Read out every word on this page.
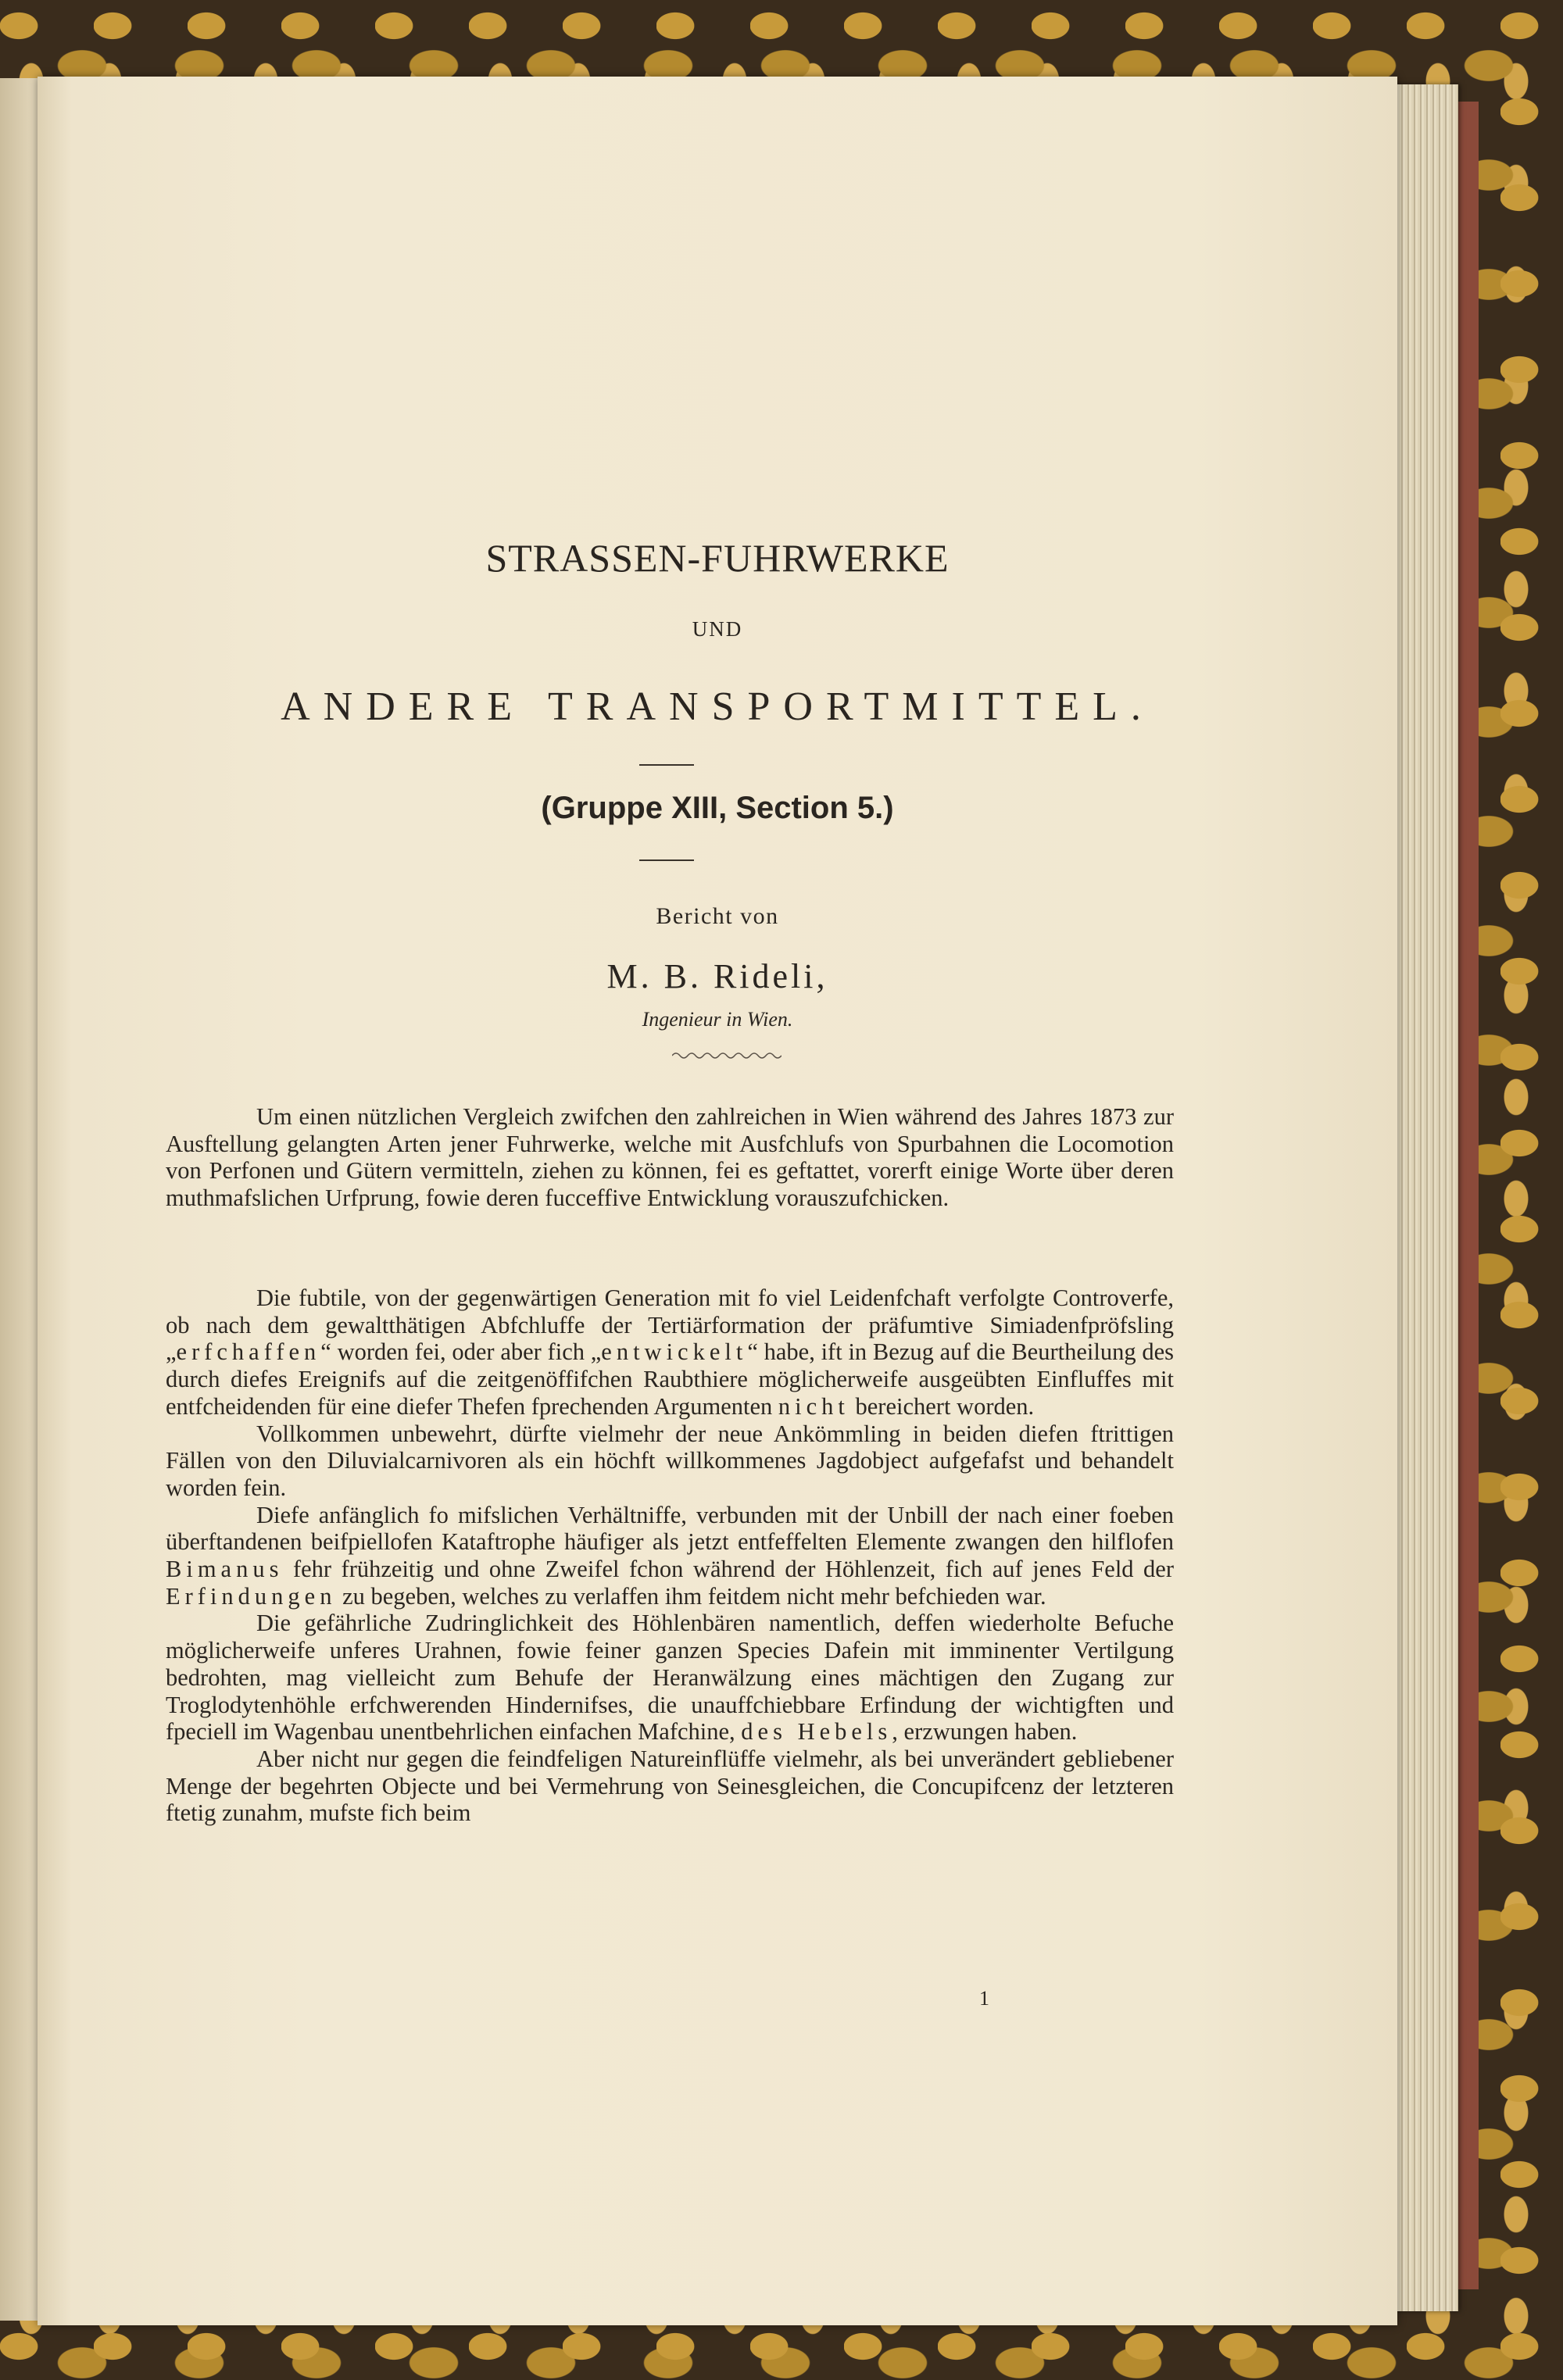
STRASSEN-FUHRWERKE
UND
ANDERE TRANSPORTMITTEL.
(Gruppe XIII, Section 5.)
Bericht von
M. B. Rideli,
Ingenieur in Wien.

Um einen nützlichen Vergleich zwifchen den zahlreichen in Wien während des Jahres 1873 zur Ausftellung gelangten Arten jener Fuhrwerke, welche mit Ausfchlufs von Spurbahnen die Locomotion von Perfonen und Gütern vermitteln, ziehen zu können, fei es geftattet, vorerft einige Worte über deren muthmafslichen Urfprung, fowie deren fucceffive Entwicklung vorauszufchicken.

Die fubtile, von der gegenwärtigen Generation mit fo viel Leidenfchaft verfolgte Controverfe, ob nach dem gewaltthätigen Abfchluffe der Tertiärformation der präfumtive Simiadenfpröfsling „erfchaffen“ worden fei, oder aber fich „entwickelt“ habe, ift in Bezug auf die Beurtheilung des durch diefes Ereignifs auf die zeitgenöffifchen Raubthiere möglicherweife ausgeübten Einfluffes mit entfcheidenden für eine diefer Thefen fprechenden Argumenten nicht bereichert worden.

Vollkommen unbewehrt, dürfte vielmehr der neue Ankömmling in beiden diefen ftrittigen Fällen von den Diluvialcarnivoren als ein höchft willkommenes Jagdobject aufgefafst und behandelt worden fein.

Diefe anfänglich fo mifslichen Verhältniffe, verbunden mit der Unbill der nach einer foeben überftandenen beifpiellofen Kataftrophe häufiger als jetzt entfeffelten Elemente zwangen den hilflofen Bimanus fehr frühzeitig und ohne Zweifel fchon während der Höhlenzeit, fich auf jenes Feld der Erfindungen zu begeben, welches zu verlaffen ihm feitdem nicht mehr befchieden war.

Die gefährliche Zudringlichkeit des Höhlenbären namentlich, deffen wiederholte Befuche möglicherweife unferes Urahnen, fowie feiner ganzen Species Dafein mit imminenter Vertilgung bedrohten, mag vielleicht zum Behufe der Heranwälzung eines mächtigen den Zugang zur Troglodytenhöhle erfchwerenden Hindernifses, die unauffchiebbare Erfindung der wichtigften und fpeciell im Wagenbau unentbehrlichen einfachen Mafchine, des Hebels, erzwungen haben.

Aber nicht nur gegen die feindfeligen Natureinflüffe vielmehr, als bei unverändert gebliebener Menge der begehrten Objecte und bei Vermehrung von Seinesgleichen, die Concupifcenz der letzteren ftetig zunahm, mufste fich beim

1
